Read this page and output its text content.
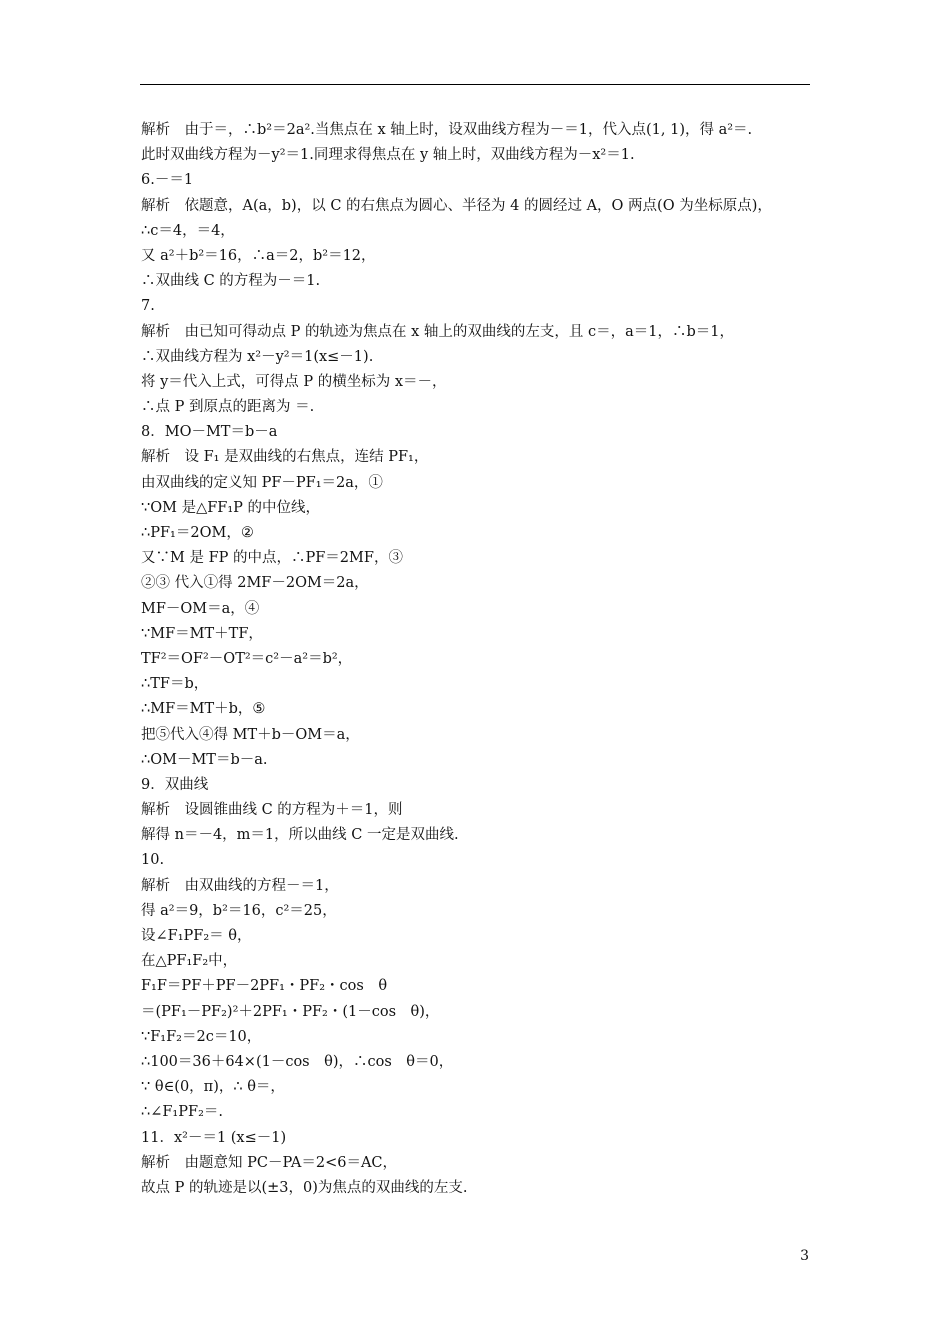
解析　由于＝，∴b²＝2a².当焦点在 x 轴上时，设双曲线方程为－＝1，代入点(1, 1)，得 a²＝.
此时双曲线方程为－y²＝1.同理求得焦点在 y 轴上时，双曲线方程为－x²＝1.
6.－＝1
解析　依题意，A(a，b)，以 C 的右焦点为圆心、半径为 4 的圆经过 A，O 两点(O 为坐标原点)，
∴c＝4，＝4，
又 a²＋b²＝16，∴a＝2，b²＝12，
∴双曲线 C 的方程为－＝1.
7.
解析　由已知可得动点 P 的轨迹为焦点在 x 轴上的双曲线的左支，且 c＝，a＝1，∴b＝1，
∴双曲线方程为 x²－y²＝1(x≤－1).
将 y＝代入上式，可得点 P 的横坐标为 x＝－，
∴点 P 到原点的距离为 ＝.
8．MO－MT＝b－a
解析　设 F₁ 是双曲线的右焦点，连结 PF₁，
由双曲线的定义知 PF－PF₁＝2a，①
∵OM 是△FF₁P 的中位线，
∴PF₁＝2OM，②
又∵M 是 FP 的中点，∴PF＝2MF，③
②③ 代入①得 2MF－2OM＝2a，
MF－OM＝a，④
∵MF＝MT＋TF，
TF²＝OF²－OT²＝c²－a²＝b²，
∴TF＝b，
∴MF＝MT＋b，⑤
把⑤代入④得 MT＋b－OM＝a，
∴OM－MT＝b－a.
9．双曲线
解析　设圆锥曲线 C 的方程为＋＝1，则
解得 n＝－4，m＝1，所以曲线 C 一定是双曲线.
10.
解析　由双曲线的方程－＝1，
得 a²＝9，b²＝16，c²＝25，
设∠F₁PF₂＝ θ，
在△PF₁F₂中，
F₁F＝PF＋PF－2PF₁・PF₂・cos　θ
＝(PF₁－PF₂)²＋2PF₁・PF₂・(1－cos　θ)，
∵F₁F₂＝2c＝10，
∴100＝36＋64×(1－cos　θ)，∴cos　θ＝0，
∵ θ∈(0，π)，∴ θ＝，
∴∠F₁PF₂＝.
11．x²－＝1 (x≤－1)
解析　由题意知 PC－PA＝2<6＝AC，
故点 P 的轨迹是以(±3，0)为焦点的双曲线的左支.
3
